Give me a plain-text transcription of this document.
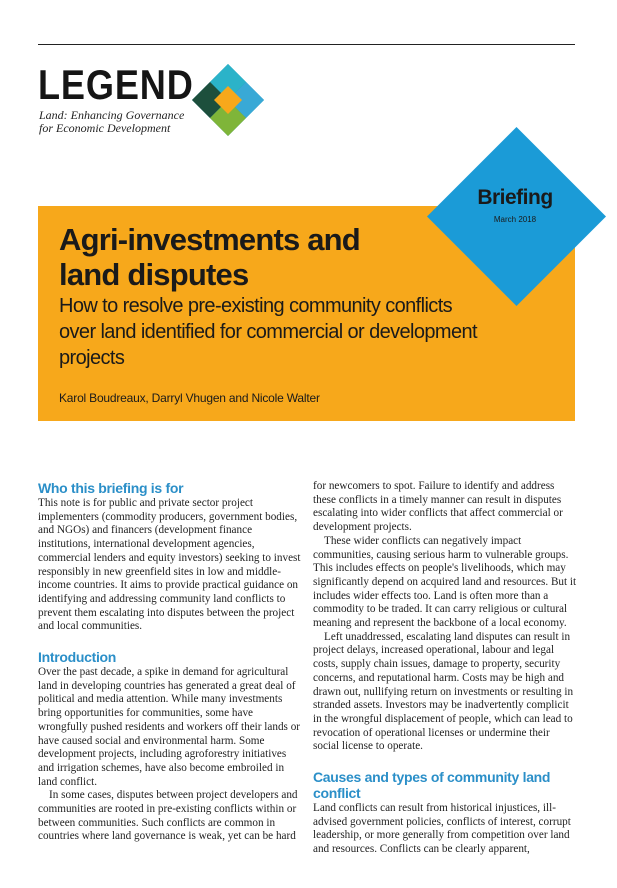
LEGEND
Land: Enhancing Governance
for Economic Development
Briefing
March 2018
Agri-investments and
land disputes
How to resolve pre-existing community conflicts
over land identified for commercial or development
projects
Karol Boudreaux, Darryl Vhugen and Nicole Walter
Who this briefing is for

This note is for public and private sector project implementers (commodity producers, government bodies, and NGOs) and financers (development finance institutions, international development agencies, commercial lenders and equity investors) seeking to invest responsibly in new greenfield sites in low and middle-income countries. It aims to provide practical guidance on identifying and addressing community land conflicts to prevent them escalating into disputes between the project and local communities.

Introduction

Over the past decade, a spike in demand for agricultural land in developing countries has generated a great deal of political and media attention. While many investments bring opportunities for communities, some have wrongfully pushed residents and workers off their lands or have caused social and environmental harm. Some development projects, including agroforestry initiatives and irrigation schemes, have also become embroiled in land conflict.

In some cases, disputes between project developers and communities are rooted in pre-existing conflicts within or between communities. Such conflicts are common in countries where land governance is weak, yet can be hard

for newcomers to spot. Failure to identify and address these conflicts in a timely manner can result in disputes escalating into wider conflicts that affect commercial or development projects.

These wider conflicts can negatively impact communities, causing serious harm to vulnerable groups. This includes effects on people's livelihoods, which may significantly depend on acquired land and resources. But it includes wider effects too. Land is often more than a commodity to be traded. It can carry religious or cultural meaning and represent the backbone of a local economy.

Left unaddressed, escalating land disputes can result in project delays, increased operational, labour and legal costs, supply chain issues, damage to property, security concerns, and reputational harm. Costs may be high and drawn out, nullifying return on investments or resulting in stranded assets. Investors may be inadvertently complicit in the wrongful displacement of people, which can lead to revocation of operational licenses or undermine their social license to operate.

Causes and types of community land conflict

Land conflicts can result from historical injustices, ill-advised government policies, conflicts of interest, corrupt leadership, or more generally from competition over land and resources. Conflicts can be clearly apparent,
